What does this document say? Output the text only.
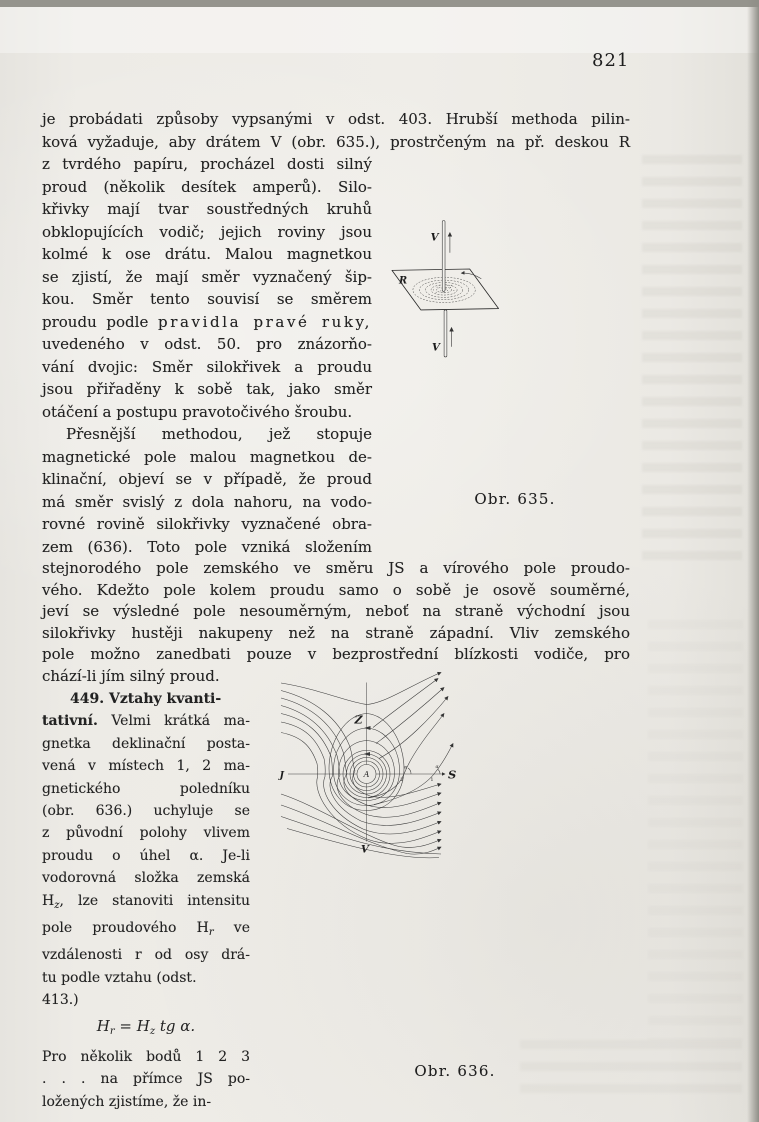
821
je probádati způsoby vypsanými v odst. 403. Hrubší methoda pilin-
ková vyžaduje, aby drátem V (obr. 635.), prostrčeným na př. deskou R
z tvrdého papíru, procházel dosti silný
proud (několik desítek amperů). Silo-
křivky mají tvar soustředných kruhů
obklopujících vodič; jejich roviny jsou
kolmé k ose drátu. Malou magnetkou
se zjistí, že mají směr vyznačený šip-
kou. Směr tento souvisí se směrem
proudu podle pravidla pravé ruky,
uvedeného v odst. 50. pro znázorňo-
vání dvojic: Směr silokřivek a proudu
jsou přiřaděny k sobě tak, jako směr
otáčení a postupu pravotočivého šroubu.
Přesnější methodou, jež stopuje
magnetické pole malou magnetkou de-
klinační, objeví se v případě, že proud
má směr svislý z dola nahoru, na vodo-
rovné rovině silokřivky vyznačené obra-
zem (636). Toto pole vzniká složením
stejnorodého pole zemského ve směru JS a vírového pole proudo-
vého. Kdežto pole kolem proudu samo o sobě je osově souměrné,
jeví se výsledné pole nesouměrným, neboť na straně východní jsou
silokřivky hustěji nakupeny než na straně západní. Vliv zemského
pole možno zanedbati pouze v bezprostřední blízkosti vodiče, pro
chází-li jím silný proud.
449. Vztahy kvanti-
tativní. Velmi krátká ma-
gnetka deklinační posta-
vená v místech 1, 2 ma-
gnetického poledníku
(obr. 636.) uchyluje se
z původní polohy vlivem
proudu o úhel α. Je-li
vodorovná složka zemská
$H_z$, lze stanoviti intensitu
pole proudového $H_r$ ve
vzdálenosti r od osy drá-
tu podle vztahu (odst.
413.)
$H_r = H_z$ tg α.
Pro několik bodů 1 2 3
. . . na přímce JS po-
ložených zjistíme, že in-
V
R
V
Obr. 635.
A
Z
J	S
V
2	1
α	α
Obr. 636.
